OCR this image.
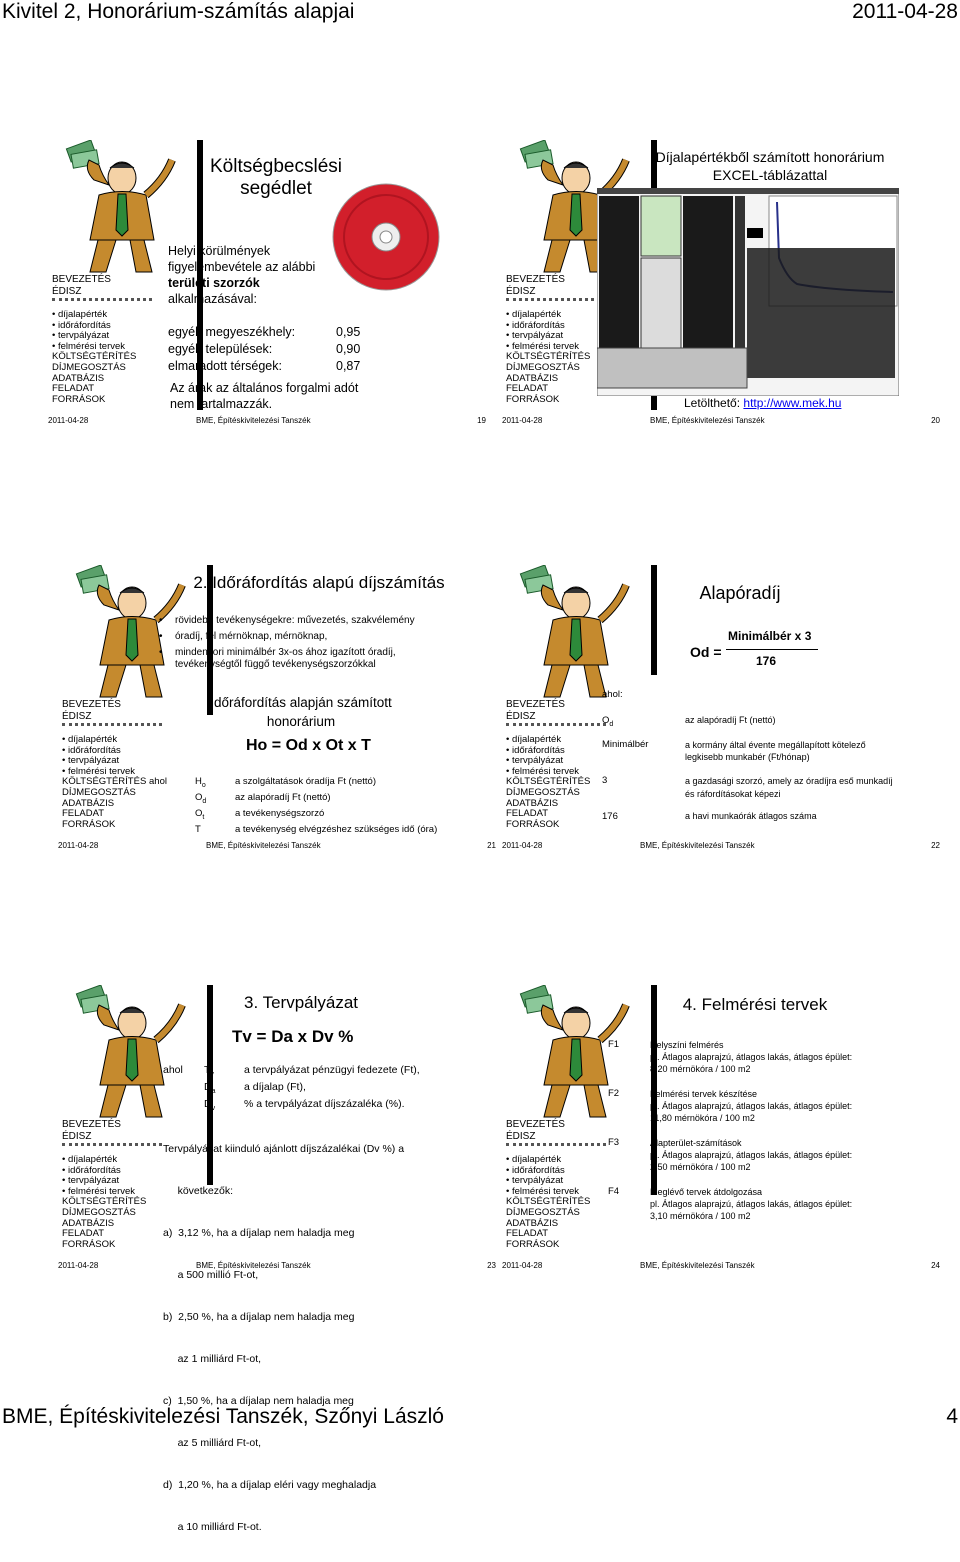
Kivitel 2, Honorárium-számítás alapjai	2011-04-28
BEVEZETÉS
ÉDISZ
• díjalapérték
• időráfordítás
• tervpályázat
• felmérési tervek
KÖLTSÉGTÉRÍTÉS
DÍJMEGOSZTÁS
ADATBÁZIS
FELADAT
FORRÁSOK
Költségbecslési segédlet
Helyi körülmények
figyelembevétele az alábbi
területi szorzók
alkalmazásával:
egyéb megyeszékhely:	0,95
egyéb települések:	0,90
elmaradott térségek:	0,87
Az árak az általános forgalmi adót
nem tartalmazzák.
2011-04-28	BME, Építéskivitelezési Tanszék	19
BEVEZETÉS
ÉDISZ
• díjalapérték
• időráfordítás
• tervpályázat
• felmérési tervek
KÖLTSÉGTÉRÍTÉS
DÍJMEGOSZTÁS
ADATBÁZIS
FELADAT
FORRÁSOK
Díjalapértékből számított honorárium
EXCEL-táblázattal
Letölthető: http://www.mek.hu
2011-04-28	BME, Építéskivitelezési Tanszék	20
BEVEZETÉS
ÉDISZ
• díjalapérték
• időráfordítás
• tervpályázat
• felmérési tervek
KÖLTSÉGTÉRÍTÉS
DÍJMEGOSZTÁS
ADATBÁZIS
FELADAT
FORRÁSOK
2. Időráfordítás alapú díjszámítás
• rövidebb tevékenységekre: művezetés, szakvélemény
• óradíj, fél mérnöknap, mérnöknap,
• mindenkori minimálbér 3x-os ához igazított óradíj, tevékenységtől függő tevékenységszorzókkal
Időráfordítás alapján számított
honorárium
Ho = Od x Ot x T
ahol	$H_o$	a szolgáltatások óradíja Ft (nettó)
$O_d$	az alapóradíj Ft (nettó)
$O_t$	a tevékenységszorzó
T	a tevékenység elvégzéshez szükséges idő (óra)
2011-04-28	BME, Építéskivitelezési Tanszék	21
BEVEZETÉS
ÉDISZ
• díjalapérték
• időráfordítás
• tervpályázat
• felmérési tervek
KÖLTSÉGTÉRÍTÉS
DÍJMEGOSZTÁS
ADATBÁZIS
FELADAT
FORRÁSOK
Alapóradíj
Od =
Minimálbér x 3
176
ahol:
$O_d$	az alapóradíj Ft (nettó)
Minimálbér	a kormány által évente megállapított kötelező legkisebb munkabér (Ft/hónap)
3	a gazdasági szorzó, amely az óradíjra eső munkadíj és ráfordításokat képezi
176	a havi munkaórák átlagos száma
2011-04-28	BME, Építéskivitelezési Tanszék	22
BEVEZETÉS
ÉDISZ
• díjalapérték
• időráfordítás
• tervpályázat
• felmérési tervek
KÖLTSÉGTÉRÍTÉS
DÍJMEGOSZTÁS
ADATBÁZIS
FELADAT
FORRÁSOK
3. Tervpályázat
Tv = Da x Dv %
ahol $T_v$	a tervpályázat pénzügyi fedezete (Ft),
$D_a$	a díjalap (Ft),
$D_v$	% a tervpályázat díjszázaléka (%).

Tervpályázat kiinduló ajánlott díjszázalékai (Dv %) a

következők:

a)  3,12 %, ha a díjalap nem haladja meg

a 500 millió Ft-ot,

b)  2,50 %, ha a díjalap nem haladja meg

az 1 milliárd Ft-ot,

c)  1,50 %, ha a díjalap nem haladja meg

az 5 milliárd Ft-ot,

d)  1,20 %, ha a díjalap eléri vagy meghaladja

a 10 milliárd Ft-ot.

2011-04-28	BME, Építéskivitelezési Tanszék	23
BEVEZETÉS
ÉDISZ
• díjalapérték
• időráfordítás
• tervpályázat
• felmérési tervek
KÖLTSÉGTÉRÍTÉS
DÍJMEGOSZTÁS
ADATBÁZIS
FELADAT
FORRÁSOK
4. Felmérési tervek
F1	Helyszíni felmérés
pl. Átlagos alaprajzú, átlagos lakás, átlagos épület:
8,20 mérnökóra / 100 m2
F2	Felmérési tervek készítése
pl. Átlagos alaprajzú, átlagos lakás, átlagos épület:
11,80 mérnökóra / 100 m2
F3	Alapterület-számítások
pl. Átlagos alaprajzú, átlagos lakás, átlagos épület:
2,50 mérnökóra / 100 m2
F4	Meglévő tervek átdolgozása
pl. Átlagos alaprajzú, átlagos lakás, átlagos épület:
3,10 mérnökóra / 100 m2
2011-04-28	BME, Építéskivitelezési Tanszék	24
BME, Építéskivitelezési Tanszék, Szőnyi László	4
